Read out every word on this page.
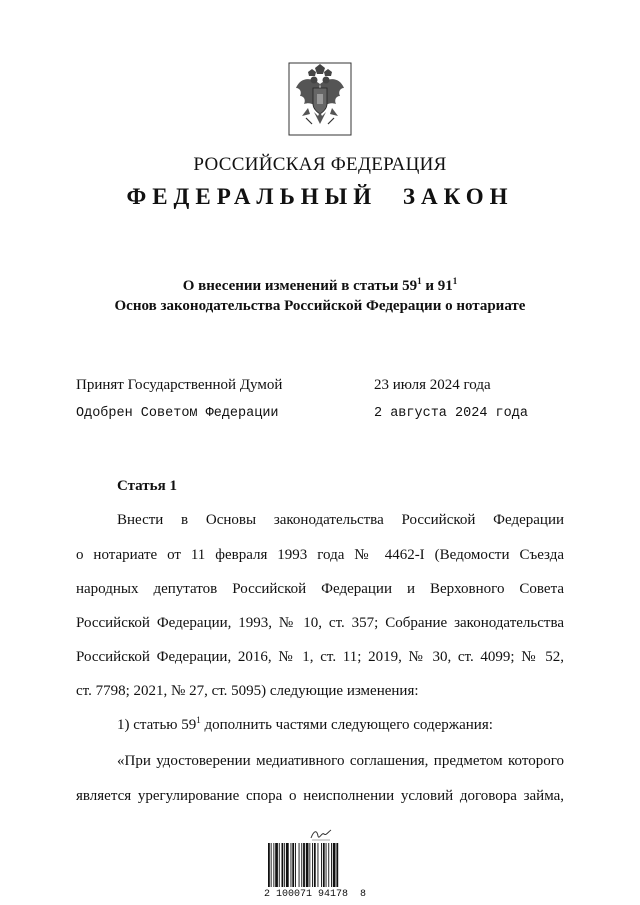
РОССИЙСКАЯ ФЕДЕРАЦИЯ
ФЕДЕРАЛЬНЫЙ ЗАКОН
О внесении изменений в статьи $59^1$ и $91^1$
Основ законодательства Российской Федерации о нотариате
Принят Государственной Думой	23 июля 2024 года
Одобрен Советом Федерации	2 августа 2024 года
Статья 1
Внести в Основы законодательства Российской Федерации
о нотариате от 11 февраля 1993 года № 4462-I (Ведомости Съезда
народных депутатов Российской Федерации и Верховного Совета
Российской Федерации, 1993, № 10, ст. 357; Собрание законодательства
Российской Федерации, 2016, № 1, ст. 11; 2019, № 30, ст. 4099; № 52,
ст. 7798; 2021, № 27, ст. 5095) следующие изменения:
1) статью $59^1$ дополнить частями следующего содержания:
«При удостоверении медиативного соглашения, предметом которого
является урегулирование спора о неисполнении условий договора займа,
2 100071 94178  8
